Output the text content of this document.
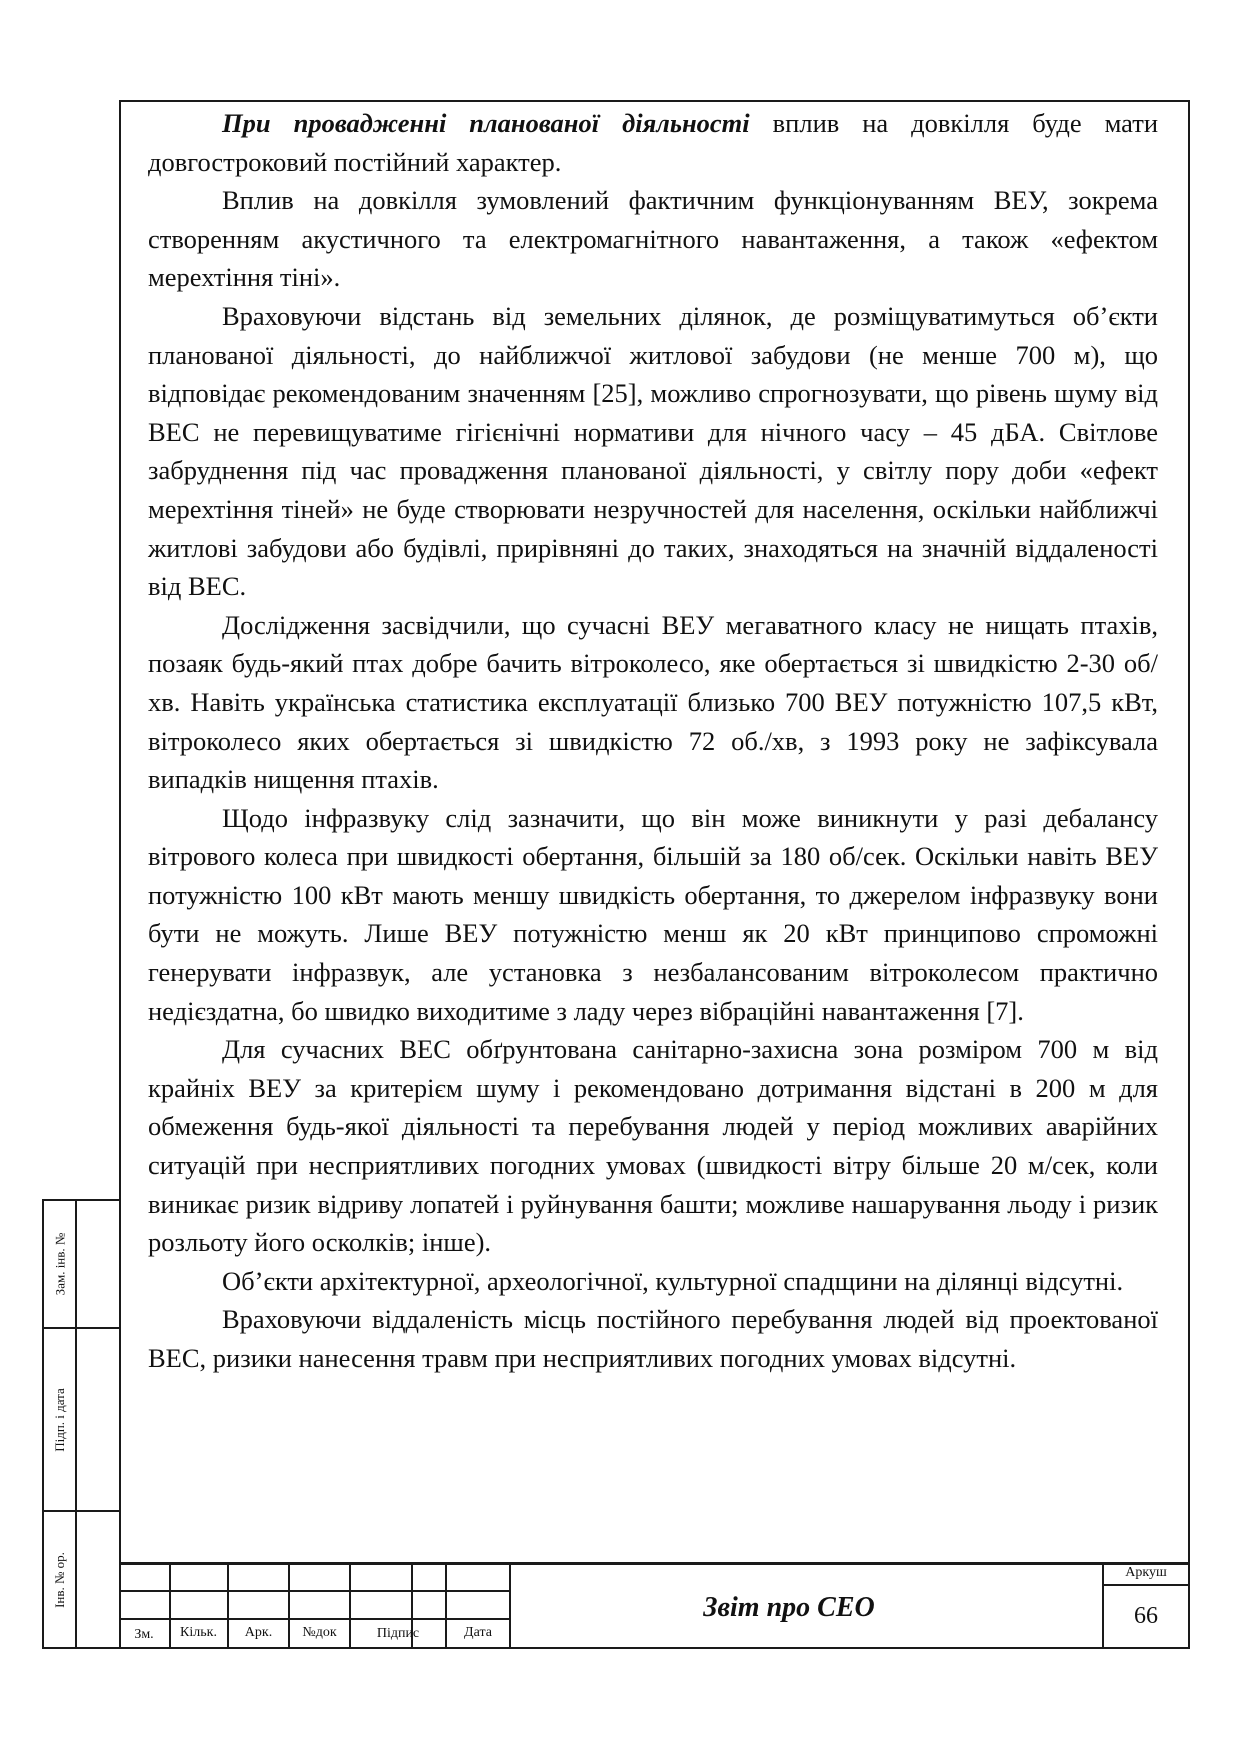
При провадженні планованої діяльності вплив на довкілля буде мати довгостроковий постійний характер.

Вплив на довкілля зумовлений фактичним функціонуванням ВЕУ, зокрема створенням акустичного та електромагнітного навантаження, а також «ефектом мерехтіння тіні».

Враховуючи відстань від земельних ділянок, де розміщуватимуться об’єкти планованої діяльності, до найближчої житлової забудови (не менше 700 м), що відповідає рекомендованим значенням [25], можливо спрогнозувати, що рівень шуму від ВЕС не перевищуватиме гігієнічні нормативи для нічного часу – 45 дБА. Світлове забруднення під час провадження планованої діяльності, у світлу пору доби «ефект мерехтіння тіней» не буде створювати незручностей для населення, оскільки найближчі житлові забудови або будівлі, прирівняні до таких, знаходяться на значній віддаленості від ВЕС.

Дослідження засвідчили, що сучасні ВЕУ мегаватного класу не нищать птахів, позаяк будь-який птах добре бачить вітроколесо, яке обертається зі швидкістю 2-30 об/хв. Навіть українська статистика експлуатації близько 700 ВЕУ потужністю 107,5 кВт, вітроколесо яких обертається зі швидкістю 72 об./хв, з 1993 року не зафіксувала випадків нищення птахів.

Щодо інфразвуку слід зазначити, що він може виникнути у разі дебалансу вітрового колеса при швидкості обертання, більшій за 180 об/сек. Оскільки навіть ВЕУ потужністю 100 кВт мають меншу швидкість обертання, то джерелом інфразвуку вони бути не можуть. Лише ВЕУ потужністю менш як 20 кВт принципово спроможні генерувати інфразвук, але установка з незбалансованим вітроколесом практично недієздатна, бо швидко виходитиме з ладу через вібраційні навантаження [7].

Для сучасних ВЕС обґрунтована санітарно-захисна зона розміром 700 м від крайніх ВЕУ за критерієм шуму і рекомендовано дотримання відстані в 200 м для обмеження будь-якої діяльності та перебування людей у період можливих аварійних ситуацій при несприятливих погодних умовах (швидкості вітру більше 20 м/сек, коли виникає ризик відриву лопатей і руйнування башти; можливе нашарування льоду і ризик розльоту його осколків; інше).

Об’єкти архітектурної, археологічної, культурної спадщини на ділянці відсутні.

Враховуючи віддаленість місць постійного перебування людей від проектованої ВЕС, ризики нанесення травм при несприятливих погодних умовах відсутні.

Зам. інв. №
Підп. і дата
Інв. № ор.
Зм.	Кільк.	Арк.	№док	Підпис	Дата
Звіт про СЕО
Аркуш
66
